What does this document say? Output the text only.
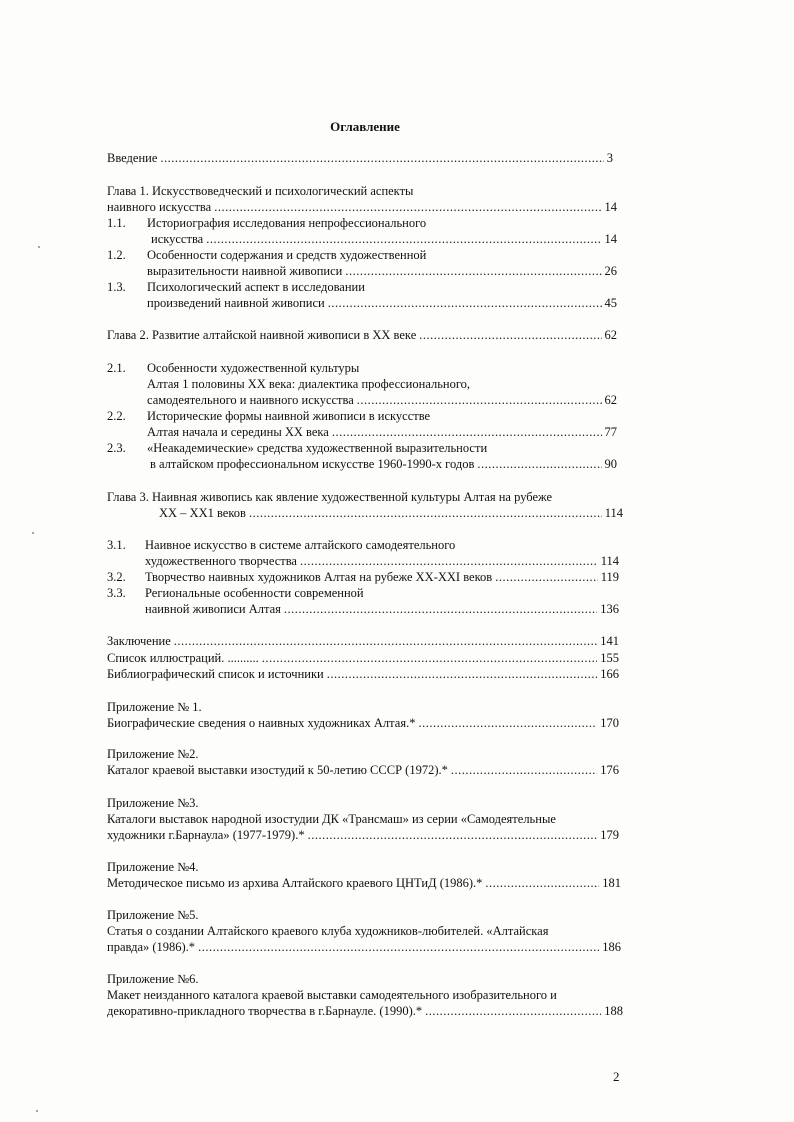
Оглавление
Введение .....	3
Глава 1. Искусствоведческий и психологический аспекты
наивного искусства .....	14
1.1. Историография исследования непрофессионального
искусства .....	14
1.2. Особенности содержания и средств художественной
выразительности наивной живописи .....	26
1.3. Психологический аспект в исследовании
произведений наивной живописи .....	45
Глава 2. Развитие алтайской наивной живописи в XX веке .....	62
2.1. Особенности художественной культуры
Алтая 1 половины XX века: диалектика профессионального,
самодеятельного и наивного искусства .....	62
2.2. Исторические формы наивной живописи в искусстве
Алтая начала и середины XX века .....	77
2.3. «Неакадемические» средства художественной выразительности
в алтайском профессиональном искусстве 1960-1990-х годов .....	90
Глава 3. Наивная живопись как явление художественной культуры Алтая на рубеже
XX – XX1 веков .....	114
3.1. Наивное искусство в системе алтайского самодеятельного
художественного творчества .....	114
3.2. Творчество наивных художников Алтая на рубеже XX-XXI веков .....	119
3.3. Региональные особенности современной
наивной живописи Алтая .....	136
Заключение .....	141
Список иллюстраций. .......... .....	155
Библиографический список и источники .....	166
Приложение № 1.
Биографические сведения о наивных художниках Алтая.* .....	170
Приложение №2.
Каталог краевой выставки изостудий к 50-летию СССР (1972).* .....	176
Приложение №3.
Каталоги выставок народной изостудии ДК «Трансмаш» из серии «Самодеятельные
художники г.Барнаула» (1977-1979).* .....	179
Приложение №4.
Методическое письмо из архива Алтайского краевого ЦНТиД (1986).* .....	181
Приложение №5.
Статья о создании Алтайского краевого клуба художников-любителей. «Алтайская
правда» (1986).* .....	186
Приложение №6.
Макет неизданного каталога краевой выставки самодеятельного изобразительного и
декоративно-прикладного творчества в г.Барнауле. (1990).* .....	188
2
